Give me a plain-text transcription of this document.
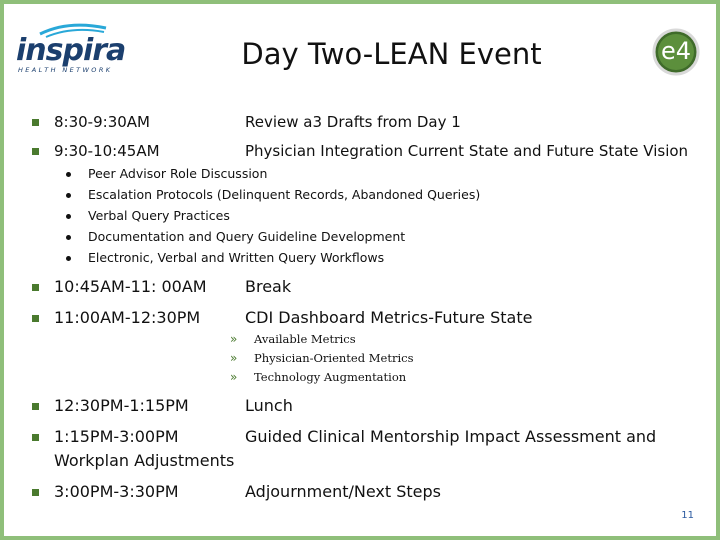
inspira
HEALTH NETWORK	Day Two-LEAN Event	e4
8:30-9:30AM	Review a3 Drafts from Day 1
9:30-10:45AM	Physician Integration Current State and Future State Vision
Peer Advisor Role Discussion
Escalation Protocols (Delinquent Records, Abandoned Queries)
Verbal Query Practices
Documentation and Query Guideline Development
Electronic, Verbal and Written Query Workflows
10:45AM-11: 00AM Break
11:00AM-12:30PM	CDI Dashboard Metrics-Future State
» Available Metrics
» Physician-Oriented Metrics
» Technology Augmentation
12:30PM-1:15PM	Lunch
1:15PM-3:00PM	Guided Clinical Mentorship Impact Assessment and
Workplan Adjustments
3:00PM-3:30PM	Adjournment/Next Steps
11
